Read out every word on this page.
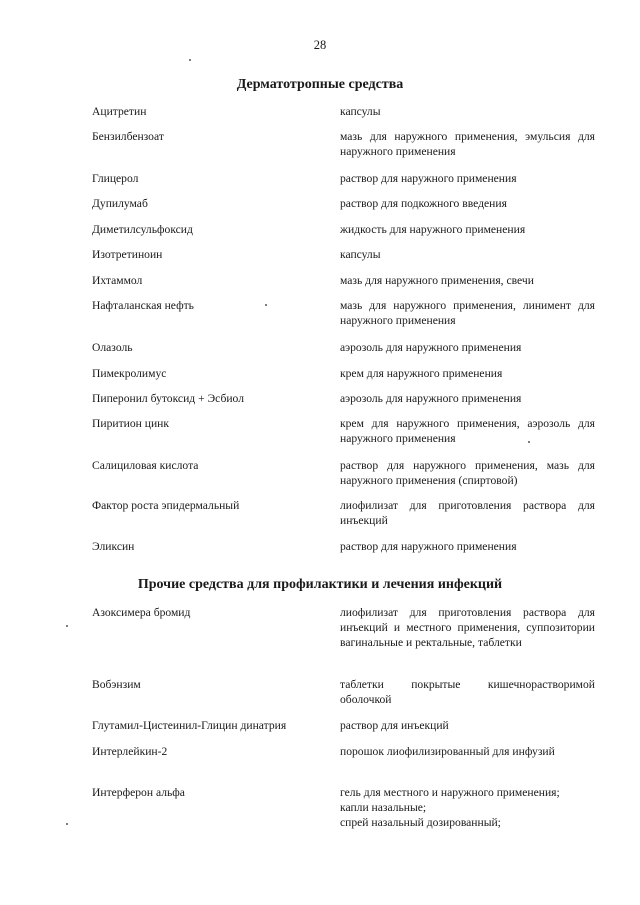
28
Дерматотропные средства
Ацитретин	капсулы
Бензилбензоат	мазь для наружного применения, эмульсия для наружного применения
Глицерол	раствор для наружного применения
Дупилумаб	раствор для подкожного введения
Диметилсульфоксид	жидкость для наружного применения
Изотретиноин	капсулы
Ихтаммол	мазь для наружного применения, свечи
Нафталанская нефть	мазь для наружного применения, линимент для наружного применения
Олазоль	аэрозоль для наружного применения
Пимекролимус	крем для наружного применения
Пиперонил бутоксид + Эсбиол	аэрозоль для наружного применения
Пиритион цинк	крем для наружного применения, аэрозоль для наружного применения
Салициловая кислота	раствор для наружного применения, мазь для наружного применения (спиртовой)
Фактор роста эпидермальный	лиофилизат для приготовления раствора для инъекций
Эликсин	раствор для наружного применения
Прочие средства для профилактики и лечения инфекций
Азоксимера бромид	лиофилизат для приготовления раствора для инъекций и местного применения, суппозитории вагинальные и ректальные, таблетки
Вобэнзим	таблетки покрытые кишечнорастворимой оболочкой
Глутамил-Цистеинил-Глицин динатрия	раствор для инъекций
Интерлейкин-2	порошок лиофилизированный для инфузий
Интерферон альфа	гель для местного и наружного применения;
капли назальные;
спрей назальный дозированный;
